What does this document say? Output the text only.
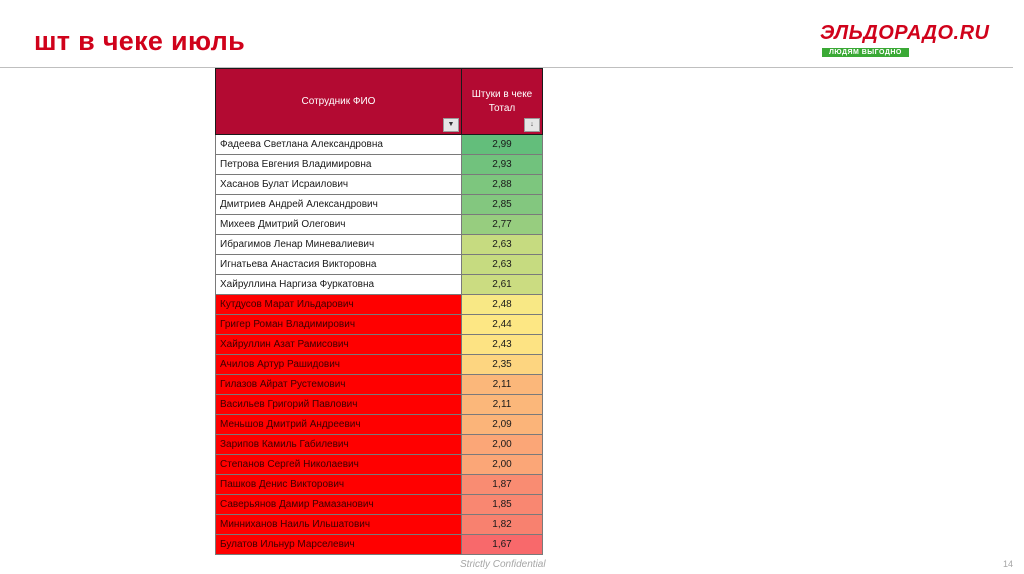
шт в чеке июль	ЭЛЬДОРАДО.RU
ЛЮДЯМ ВЫГОДНО
Сотрудник ФИО
▼	Штуки в чеке Тотал
↓

Фадеева Светлана Александровна	2,99
Петрова Евгения Владимировна	2,93
Хасанов Булат Исраилович	2,88
Дмитриев Андрей Александрович	2,85
Михеев Дмитрий Олегович	2,77
Ибрагимов Ленар Миневалиевич	2,63
Игнатьева Анастасия Викторовна	2,63
Хайруллина Наргиза Фуркатовна	2,61
Кутдусов Марат Ильдарович	2,48
Григер Роман Владимирович	2,44
Хайруллин Азат Рамисович	2,43
Ачилов Артур Рашидович	2,35
Гилазов Айрат Рустемович	2,11
Васильев Григорий Павлович	2,11
Меньшов Дмитрий Андреевич	2,09
Зарипов Камиль Габилевич	2,00
Степанов Сергей Николаевич	2,00
Пашков Денис Викторович	1,87
Саверьянов Дамир Рамазанович	1,85
Минниханов Наиль Ильшатович	1,82
Булатов Ильнур Марселевич	1,67
Strictly Confidential	14
